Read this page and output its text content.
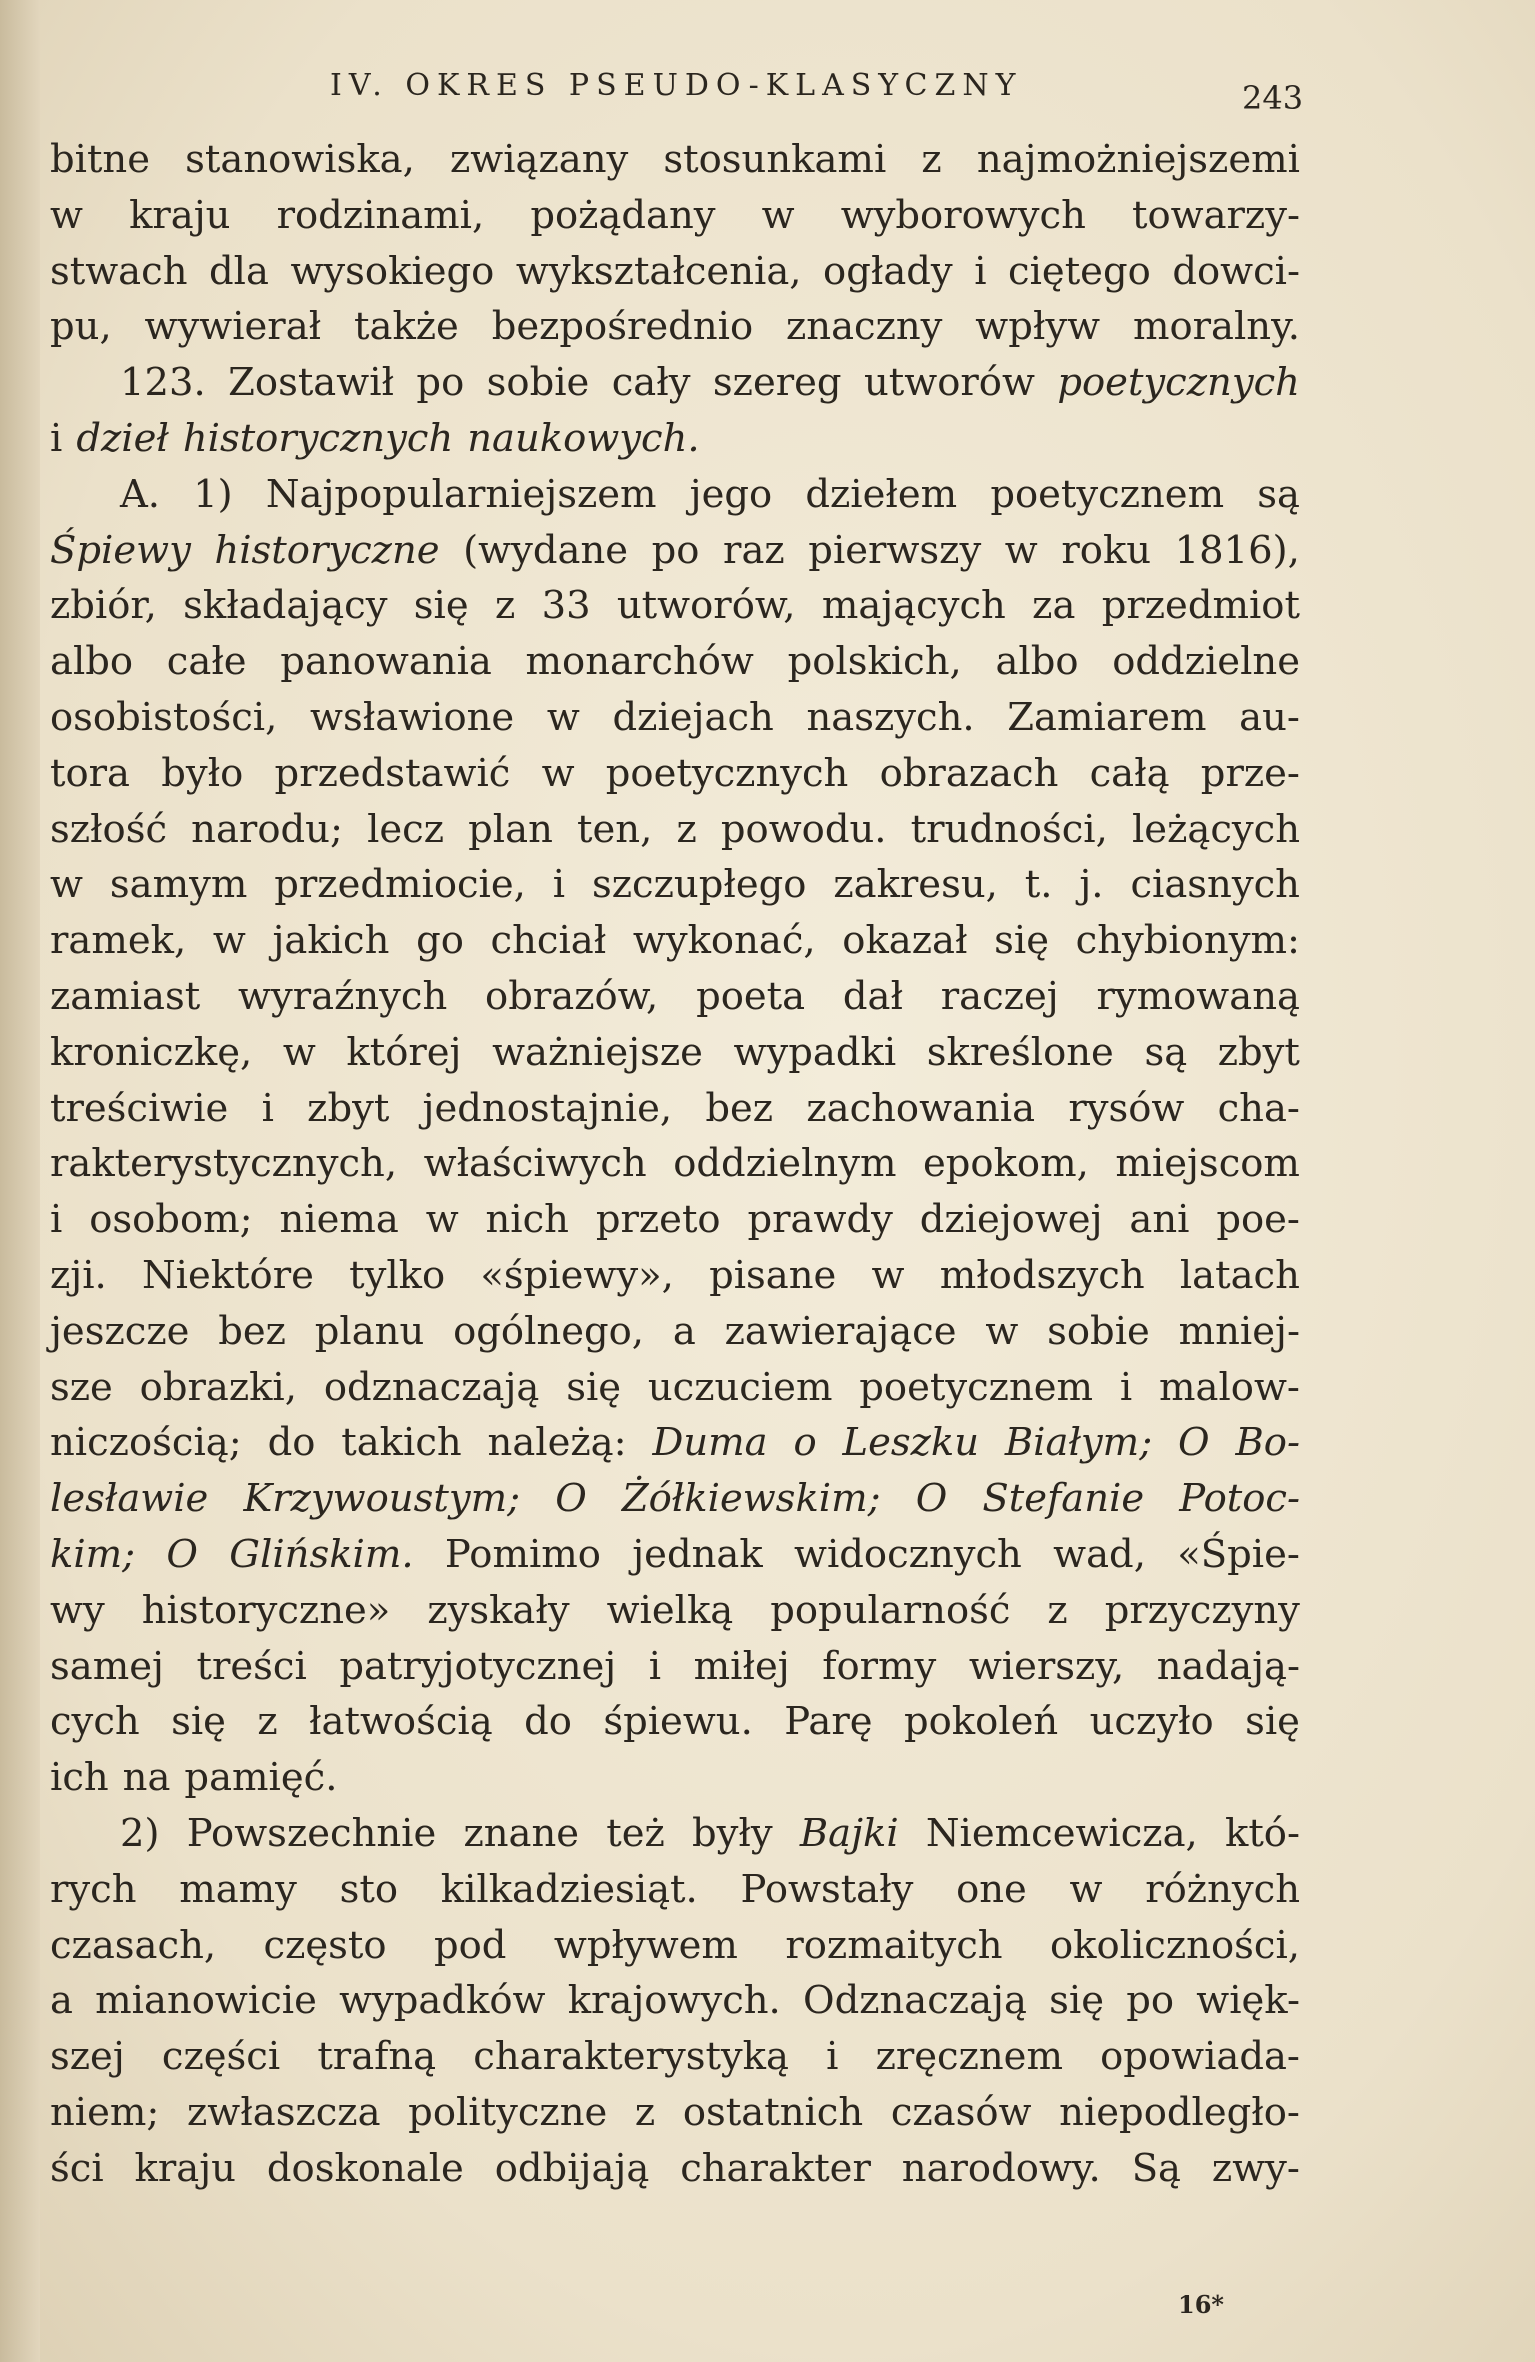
IV. OKRES PSEUDO-KLASYCZNY	243
bitne stanowiska, związany stosunkami z najmożniejszemi
w kraju rodzinami, pożądany w wyborowych towarzy-
stwach dla wysokiego wykształcenia, ogłady i ciętego dowci-
pu, wywierał także bezpośrednio znaczny wpływ moralny.
123. Zostawił po sobie cały szereg utworów poetycznych
i dzieł historycznych naukowych.
A. 1) Najpopularniejszem jego dziełem poetycznem są
Śpiewy historyczne (wydane po raz pierwszy w roku 1816),
zbiór, składający się z 33 utworów, mających za przedmiot
albo całe panowania monarchów polskich, albo oddzielne
osobistości, wsławione w dziejach naszych. Zamiarem au-
tora było przedstawić w poetycznych obrazach całą prze-
szłość narodu; lecz plan ten, z powodu. trudności, leżących
w samym przedmiocie, i szczupłego zakresu, t. j. ciasnych
ramek, w jakich go chciał wykonać, okazał się chybionym:
zamiast wyraźnych obrazów, poeta dał raczej rymowaną
kroniczkę, w której ważniejsze wypadki skreślone są zbyt
treściwie i zbyt jednostajnie, bez zachowania rysów cha-
rakterystycznych, właściwych oddzielnym epokom, miejscom
i osobom; niema w nich przeto prawdy dziejowej ani poe-
zji. Niektóre tylko «śpiewy», pisane w młodszych latach
jeszcze bez planu ogólnego, a zawierające w sobie mniej-
sze obrazki, odznaczają się uczuciem poetycznem i malow-
niczością; do takich należą: Duma o Leszku Białym; O Bo-
lesławie Krzywoustym; O Żółkiewskim; O Stefanie Potoc-
kim; O Glińskim. Pomimo jednak widocznych wad, «Śpie-
wy historyczne» zyskały wielką popularność z przyczyny
samej treści patryjotycznej i miłej formy wierszy, nadają-
cych się z łatwością do śpiewu. Parę pokoleń uczyło się
ich na pamięć.
2) Powszechnie znane też były Bajki Niemcewicza, któ-
rych mamy sto kilkadziesiąt. Powstały one w różnych
czasach, często pod wpływem rozmaitych okoliczności,
a mianowicie wypadków krajowych. Odznaczają się po więk-
szej części trafną charakterystyką i zręcznem opowiada-
niem; zwłaszcza polityczne z ostatnich czasów niepodległo-
ści kraju doskonale odbijają charakter narodowy. Są zwy-
16*
